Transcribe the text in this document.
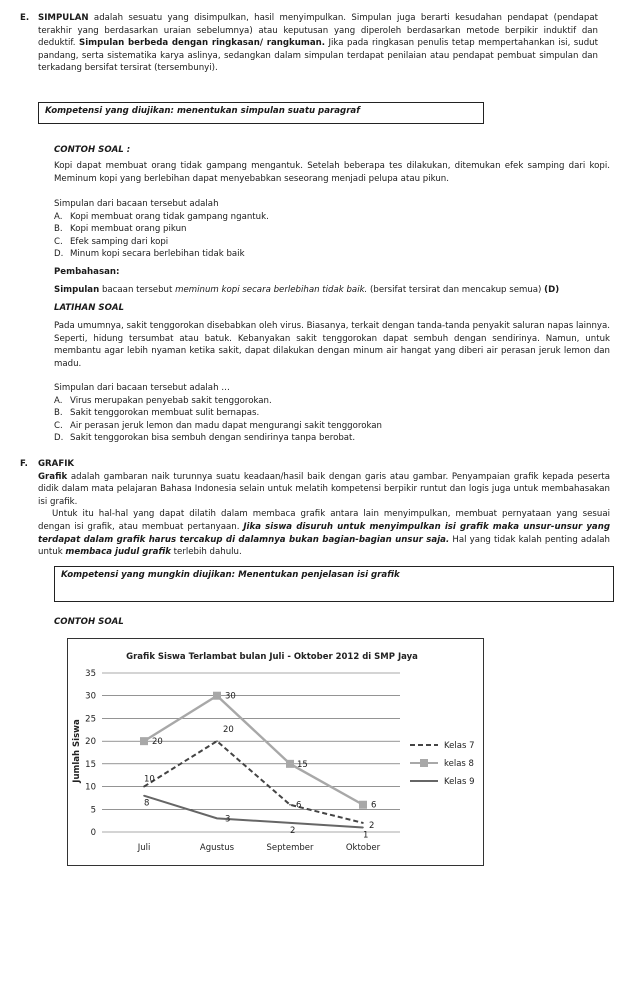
E. SIMPULAN adalah sesuatu yang disimpulkan, hasil menyimpulkan. Simpulan juga berarti kesudahan pendapat (pendapat terakhir yang berdasarkan uraian sebelumnya) atau keputusan yang diperoleh berdasarkan metode berpikir induktif dan deduktif. Simpulan berbeda dengan ringkasan/ rangkuman. Jika pada ringkasan penulis tetap mempertahankan isi, sudut pandang, serta sistematika karya aslinya, sedangkan dalam simpulan terdapat penilaian atau pendapat pembuat simpulan dan terkadang bersifat tersirat (tersembunyi).
Kompetensi yang diujikan: menentukan simpulan suatu paragraf
CONTOH SOAL :
Kopi dapat membuat orang tidak gampang mengantuk. Setelah beberapa tes dilakukan, ditemukan efek samping dari kopi. Meminum kopi yang berlebihan dapat menyebabkan seseorang menjadi pelupa atau pikun.
Simpulan dari bacaan tersebut adalah
A. Kopi membuat orang tidak gampang ngantuk.
B. Kopi membuat orang pikun
C. Efek samping dari kopi
D. Minum kopi secara berlebihan tidak baik
Pembahasan:
Simpulan bacaan tersebut meminum kopi secara berlebihan tidak baik. (bersifat tersirat dan mencakup semua) (D)
LATIHAN SOAL
Pada umumnya, sakit tenggorokan disebabkan oleh virus. Biasanya, terkait dengan tanda-tanda penyakit saluran napas lainnya. Seperti, hidung tersumbat atau batuk. Kebanyakan sakit tenggorokan dapat sembuh dengan sendirinya. Namun, untuk membantu agar lebih nyaman ketika sakit, dapat dilakukan dengan minum air hangat yang diberi air perasan jeruk lemon dan madu.
Simpulan dari bacaan tersebut adalah …
A. Virus merupakan penyebab sakit tenggorokan.
B. Sakit tenggorokan membuat sulit bernapas.
C. Air perasan jeruk lemon dan madu dapat mengurangi sakit tenggorokan
D. Sakit tenggorokan bisa sembuh dengan sendirinya tanpa berobat.
F. GRAFIK
Grafik adalah gambaran naik turunnya suatu keadaan/hasil baik dengan garis atau gambar. Penyampaian grafik kepada peserta didik dalam mata pelajaran Bahasa Indonesia selain untuk melatih kompetensi berpikir runtut dan logis juga untuk membahasakan isi grafik.
Untuk itu hal-hal yang dapat dilatih dalam membaca grafik antara lain menyimpulkan, membuat pernyataan yang sesuai dengan isi grafik, atau membuat pertanyaan. Jika siswa disuruh untuk menyimpulkan isi grafik maka unsur-unsur yang terdapat dalam grafik harus tercakup di dalamnya bukan bagian-bagian unsur saja. Hal yang tidak kalah penting adalah untuk membaca judul grafik terlebih dahulu.
Kompetensi yang mungkin diujikan: Menentukan penjelasan isi grafik
CONTOH SOAL
Grafik Siswa Terlambat bulan Juli - Oktober 2012 di SMP Jaya
Jumlah Siswa
0
5
10
15
20
25
30
35
Juli	Agustus	September	Oktober
10
20
6
2
20
30
15
6
8
3
2	1
Kelas 7
kelas 8
Kelas 9
